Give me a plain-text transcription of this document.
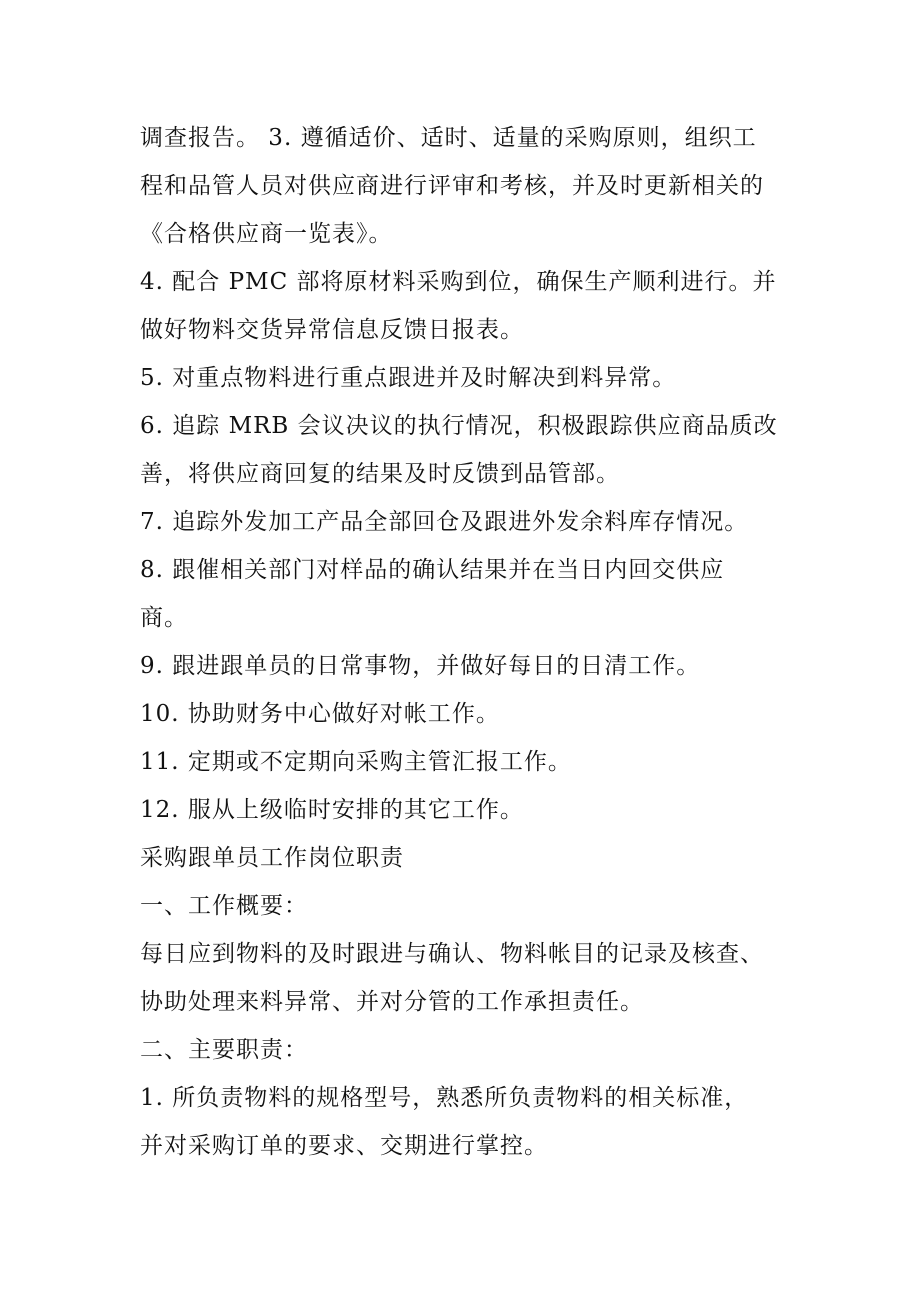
调查报告。 3. 遵循适价、适时、适量的采购原则，组织工
程和品管人员对供应商进行评审和考核，并及时更新相关的
《合格供应商一览表》。
4. 配合 PMC 部将原材料采购到位，确保生产顺利进行。并
做好物料交货异常信息反馈日报表。
5. 对重点物料进行重点跟进并及时解决到料异常。
6. 追踪 MRB 会议决议的执行情况，积极跟踪供应商品质改
善，将供应商回复的结果及时反馈到品管部。
7. 追踪外发加工产品全部回仓及跟进外发余料库存情况。
8. 跟催相关部门对样品的确认结果并在当日内回交供应
商。
9. 跟进跟单员的日常事物，并做好每日的日清工作。
10. 协助财务中心做好对帐工作。
11. 定期或不定期向采购主管汇报工作。
12. 服从上级临时安排的其它工作。
采购跟单员工作岗位职责
一、工作概要：
每日应到物料的及时跟进与确认、物料帐目的记录及核查、
协助处理来料异常、并对分管的工作承担责任。
二、主要职责：
1. 所负责物料的规格型号，熟悉所负责物料的相关标准，
并对采购订单的要求、交期进行掌控。
